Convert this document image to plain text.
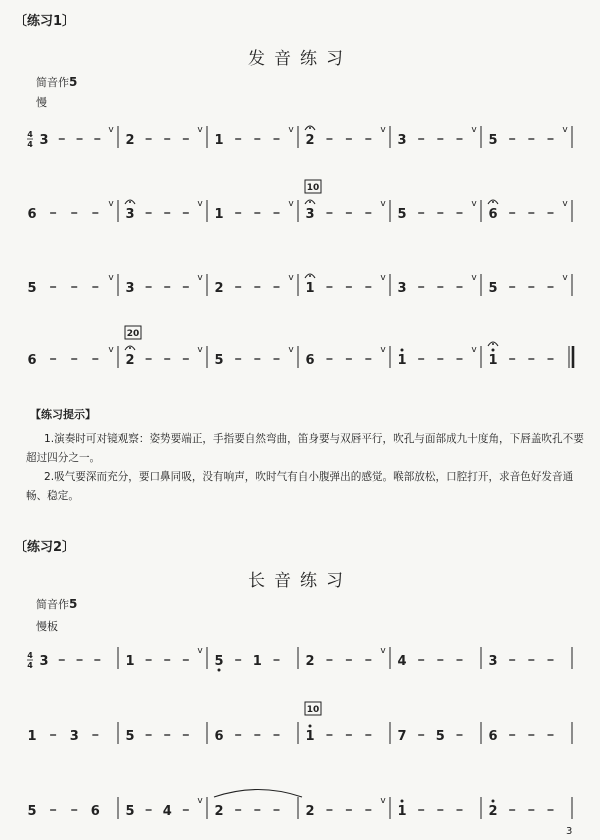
〔练习1〕
发音练习
简音作5
慢
4
4 3
v
2
v
1
v
2
v
3
v
5
v
6
v
3
v
1
v
3
v
5
v
6
v
5
v
3
v
2
v
1
v
3
v
5
v
6
v
2
v
5
v
6
v
1
v
1
10
20
【练习提示】
1.演奏时可对镜观察：姿势要端正，手指要自然弯曲，笛身要与双唇平行，吹孔与面部成九十度角，下唇盖吹孔不要超过四分之一。
2.吸气要深而充分，要口鼻同吸，没有响声，吹时气有自小腹弹出的感觉。喉部放松，口腔打开，求音色好发音通畅、稳定。
〔练习2〕
长音练习
简音作5
慢板
4
4 3	1
v
5 1	2
v
4	3
1	3	5	6	1	7 5	6
5	6 5 4
v
2	2
v
1	2
10
3
